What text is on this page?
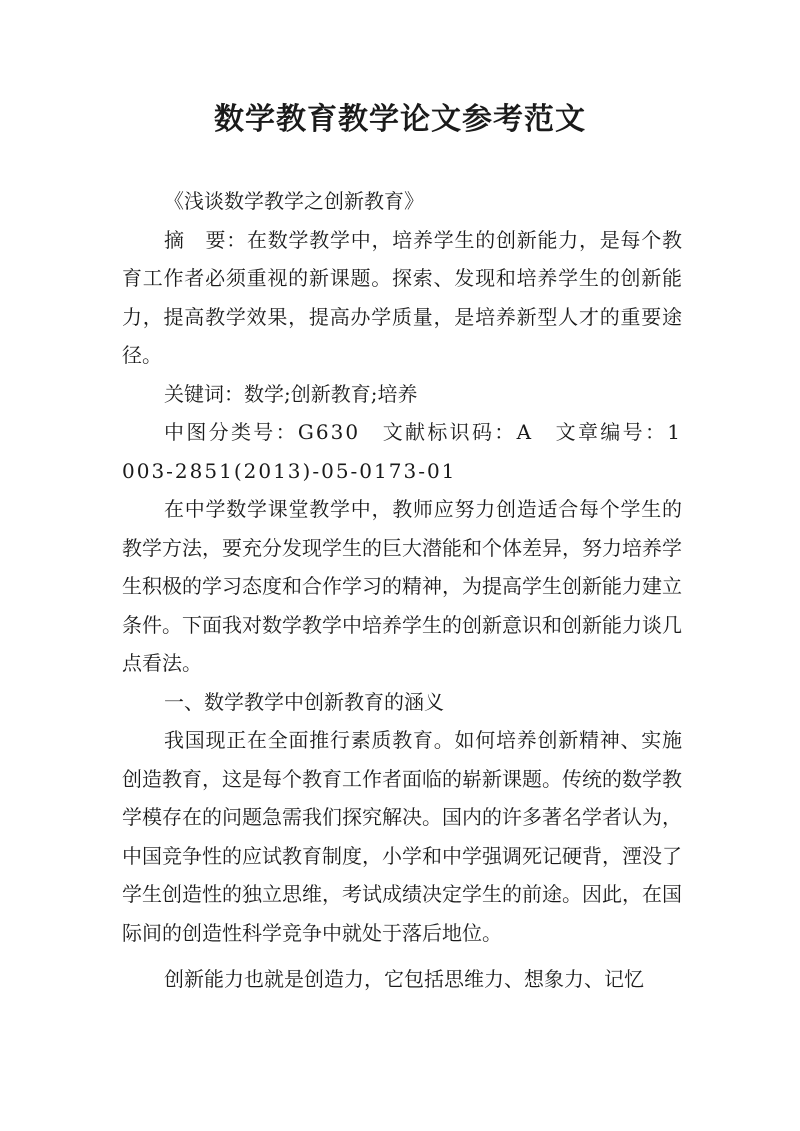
数学教育教学论文参考范文

《浅谈数学教学之创新教育》

摘　要：在数学教学中，培养学生的创新能力，是每个教育工作者必须重视的新课题。探索、发现和培养学生的创新能力，提高教学效果，提高办学质量，是培养新型人才的重要途径。

关键词：数学;创新教育;培养

中图分类号：G630　文献标识码：A　文章编号：1003-2851(2013)-05-0173-01

在中学数学课堂教学中，教师应努力创造适合每个学生的教学方法，要充分发现学生的巨大潜能和个体差异，努力培养学生积极的学习态度和合作学习的精神，为提高学生创新能力建立条件。下面我对数学教学中培养学生的创新意识和创新能力谈几点看法。

一、数学教学中创新教育的涵义

我国现正在全面推行素质教育。如何培养创新精神、实施创造教育，这是每个教育工作者面临的崭新课题。传统的数学教学模存在的问题急需我们探究解决。国内的许多著名学者认为，中国竞争性的应试教育制度，小学和中学强调死记硬背，湮没了学生创造性的独立思维，考试成绩决定学生的前途。因此，在国际间的创造性科学竞争中就处于落后地位。

创新能力也就是创造力，它包括思维力、想象力、记忆
